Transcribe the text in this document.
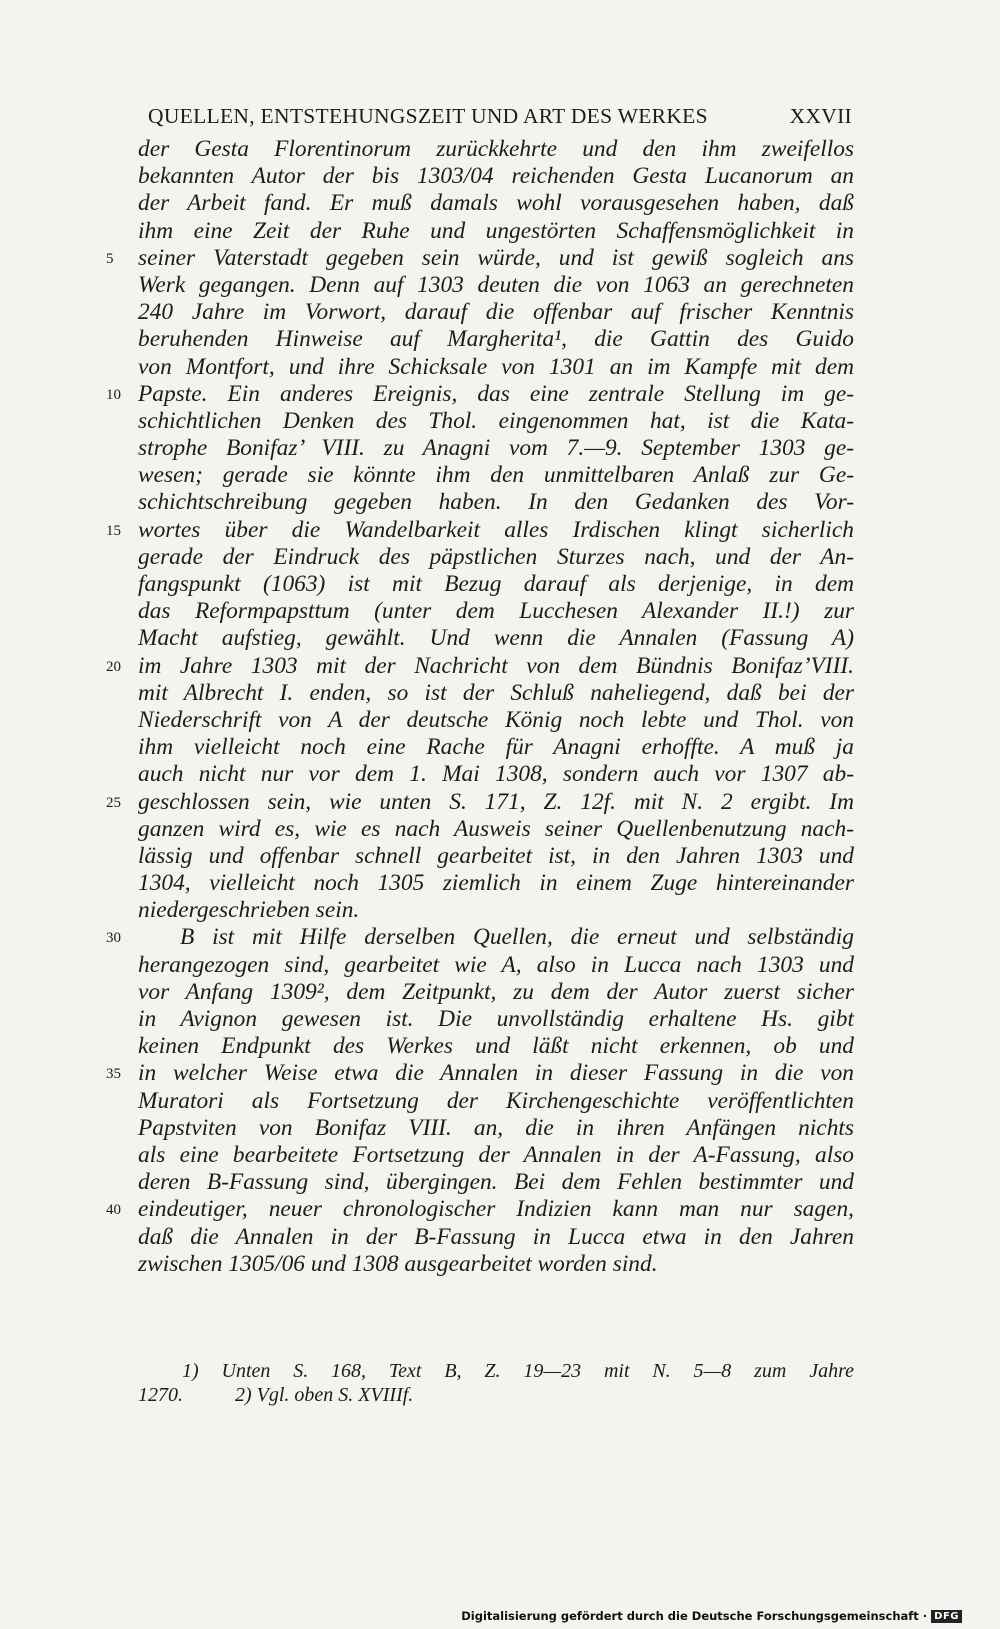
QUELLEN, ENTSTEHUNGSZEIT UND ART DES WERKES	XXVII
der Gesta Florentinorum zurückkehrte und den ihm zweifellos
bekannten Autor der bis 1303/04 reichenden Gesta Lucanorum an
der Arbeit fand. Er muß damals wohl vorausgesehen haben, daß
ihm eine Zeit der Ruhe und ungestörten Schaffensmöglichkeit in
5 seiner Vaterstadt gegeben sein würde, und ist gewiß sogleich ans
Werk gegangen. Denn auf 1303 deuten die von 1063 an gerechneten
240 Jahre im Vorwort, darauf die offenbar auf frischer Kenntnis
beruhenden Hinweise auf Margherita¹, die Gattin des Guido
von Montfort, und ihre Schicksale von 1301 an im Kampfe mit dem
10 Papste. Ein anderes Ereignis, das eine zentrale Stellung im ge-
schichtlichen Denken des Thol. eingenommen hat, ist die Kata-
strophe Bonifaz’ VIII. zu Anagni vom 7.—9. September 1303 ge-
wesen; gerade sie könnte ihm den unmittelbaren Anlaß zur Ge-
schichtschreibung gegeben haben. In den Gedanken des Vor-
15 wortes über die Wandelbarkeit alles Irdischen klingt sicherlich
gerade der Eindruck des päpstlichen Sturzes nach, und der An-
fangspunkt (1063) ist mit Bezug darauf als derjenige, in dem
das Reformpapsttum (unter dem Lucchesen Alexander II.!) zur
Macht aufstieg, gewählt. Und wenn die Annalen (Fassung A)
20 im Jahre 1303 mit der Nachricht von dem Bündnis Bonifaz’VIII.
mit Albrecht I. enden, so ist der Schluß naheliegend, daß bei der
Niederschrift von A der deutsche König noch lebte und Thol. von
ihm vielleicht noch eine Rache für Anagni erhoffte. A muß ja
auch nicht nur vor dem 1. Mai 1308, sondern auch vor 1307 ab-
25 geschlossen sein, wie unten S. 171, Z. 12f. mit N. 2 ergibt. Im
ganzen wird es, wie es nach Ausweis seiner Quellenbenutzung nach-
lässig und offenbar schnell gearbeitet ist, in den Jahren 1303 und
1304, vielleicht noch 1305 ziemlich in einem Zuge hintereinander
niedergeschrieben sein.
30	B ist mit Hilfe derselben Quellen, die erneut und selbständig
herangezogen sind, gearbeitet wie A, also in Lucca nach 1303 und
vor Anfang 1309², dem Zeitpunkt, zu dem der Autor zuerst sicher
in Avignon gewesen ist. Die unvollständig erhaltene Hs. gibt
keinen Endpunkt des Werkes und läßt nicht erkennen, ob und
35 in welcher Weise etwa die Annalen in dieser Fassung in die von
Muratori als Fortsetzung der Kirchengeschichte veröffentlichten
Papstviten von Bonifaz VIII. an, die in ihren Anfängen nichts
als eine bearbeitete Fortsetzung der Annalen in der A-Fassung, also
deren B-Fassung sind, übergingen. Bei dem Fehlen bestimmter und
40 eindeutiger, neuer chronologischer Indizien kann man nur sagen,
daß die Annalen in der B-Fassung in Lucca etwa in den Jahren
zwischen 1305/06 und 1308 ausgearbeitet worden sind.
1) Unten S. 168, Text B, Z. 19—23 mit N. 5—8 zum Jahre
1270.	2) Vgl. oben S. XVIIIf.
Digitalisierung gefördert durch die Deutsche Forschungsgemeinschaft · DFG
